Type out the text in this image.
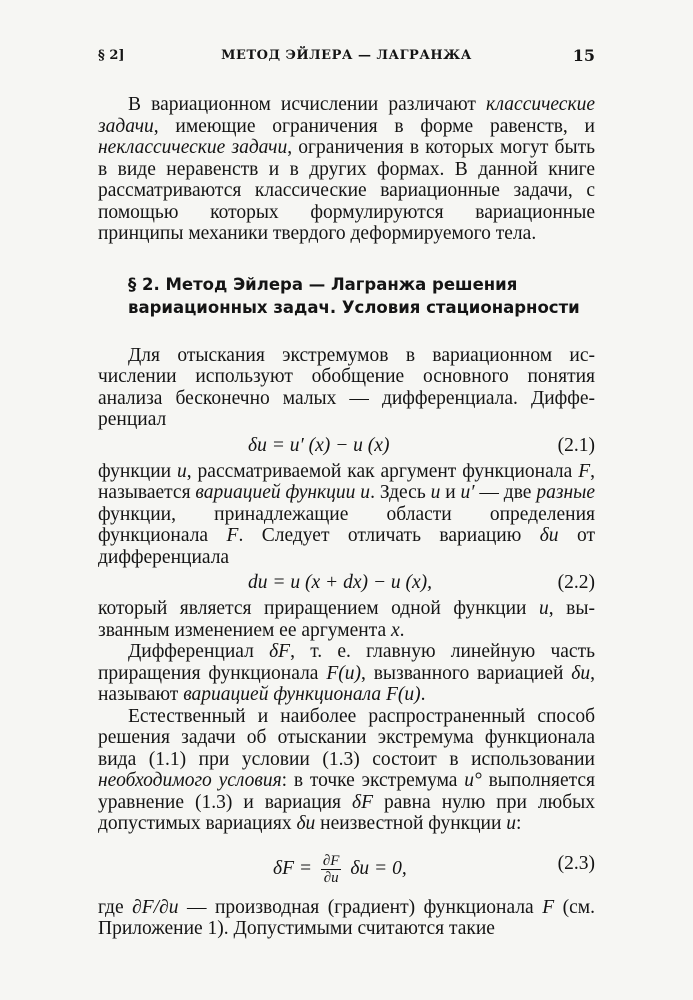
§ 2]	МЕТОД ЭЙЛЕРА — ЛАГРАНЖА	15

В вариационном исчислении различают классические задачи, имеющие ограничения в форме равенств, и неклассические задачи, ограничения в которых могут быть в виде неравенств и в других формах. В данной книге рассматриваются классические вариационные задачи, с помощью которых формулируются вариационные принципы механики твердого деформируемого тела.

§ 2. Метод Эйлера — Лагранжа решения
вариационных задач. Условия стационарности

Для отыскания экстремумов в вариационном исчислении используют обобщение основного понятия анализа бесконечно малых — дифференциала. Дифференциал

δu = u′ (x) − u (x)	(2.1)

функции u, рассматриваемой как аргумент функционала F, называется вариацией функции u. Здесь u и u′ — две разные функции, принадлежащие области определения функционала F. Следует отличать вариацию δu от дифференциала

du = u (x + dx) − u (x),	(2.2)

который является приращением одной функции u, вызванным изменением ее аргумента x.

Дифференциал δF, т. е. главную линейную часть приращения функционала F(u), вызванного вариацией δu, называют вариацией функционала F(u).

Естественный и наиболее распространенный способ решения задачи об отыскании экстремума функционала вида (1.1) при условии (1.3) состоит в использовании необходимого условия: в точке экстремума u° выполняется уравнение (1.3) и вариация δF равна нулю при любых допустимых вариациях δu неизвестной функции u:

$\delta F = \frac{\partial F}{\partial u}$ δu = 0,	(2.3)

где ∂F/∂u — производная (градиент) функционала F (см. Приложение 1). Допустимыми считаются такие
